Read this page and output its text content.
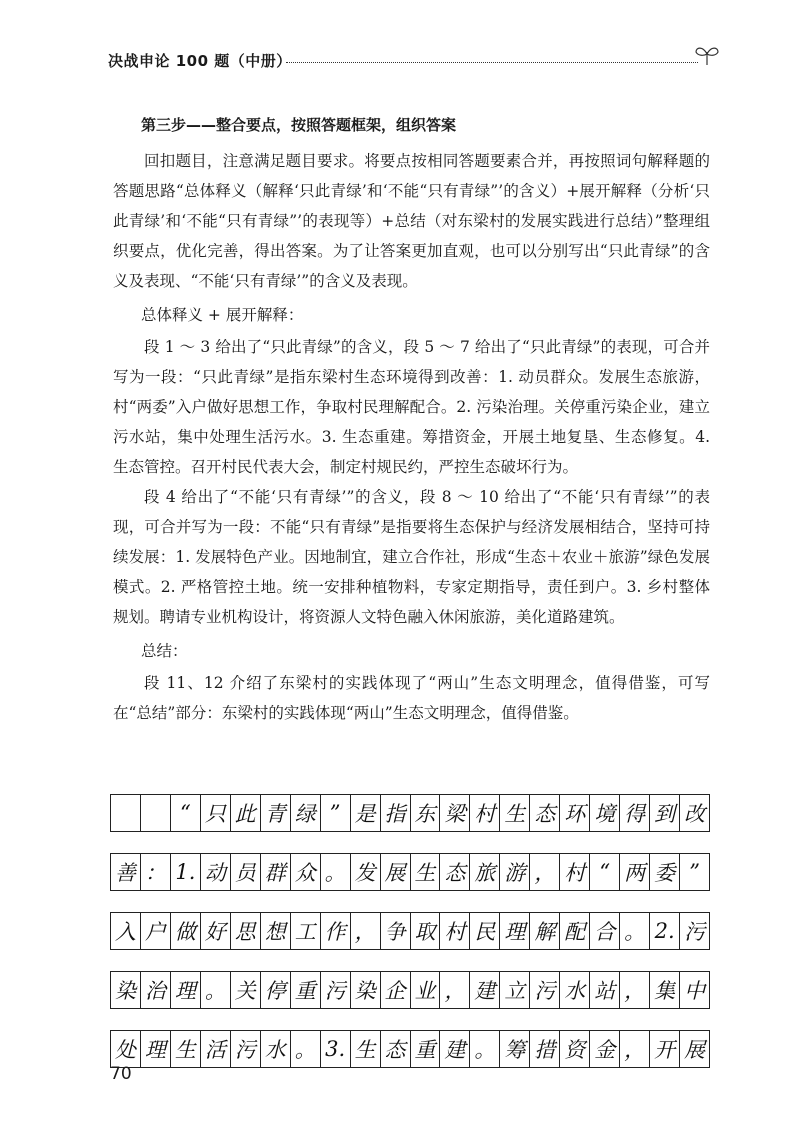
决战申论 100 题（中册）
第三步——整合要点，按照答题框架，组织答案

回扣题目，注意满足题目要求。将要点按相同答题要素合并，再按照词句解释题的答题思路“总体释义（解释‘只此青绿’和‘不能“只有青绿”’的含义）+展开解释（分析‘只此青绿’和‘不能“只有青绿”’的表现等）+总结（对东梁村的发展实践进行总结）”整理组织要点，优化完善，得出答案。为了让答案更加直观，也可以分别写出“只此青绿”的含义及表现、“不能‘只有青绿’”的含义及表现。

总体释义 + 展开解释：

段 1 ～ 3 给出了“只此青绿”的含义，段 5 ～ 7 给出了“只此青绿”的表现，可合并写为一段：“只此青绿”是指东梁村生态环境得到改善：1. 动员群众。发展生态旅游，村“两委”入户做好思想工作，争取村民理解配合。2. 污染治理。关停重污染企业，建立污水站，集中处理生活污水。3. 生态重建。筹措资金，开展土地复垦、生态修复。4. 生态管控。召开村民代表大会，制定村规民约，严控生态破坏行为。

段 4 给出了“不能‘只有青绿’”的含义，段 8 ～ 10 给出了“不能‘只有青绿’”的表现，可合并写为一段：不能“只有青绿”是指要将生态保护与经济发展相结合，坚持可持续发展：1. 发展特色产业。因地制宜，建立合作社，形成“生态＋农业＋旅游”绿色发展模式。2. 严格管控土地。统一安排种植物料，专家定期指导，责任到户。3. 乡村整体规划。聘请专业机构设计，将资源人文特色融入休闲旅游，美化道路建筑。

总结：

段 11、12 介绍了东梁村的实践体现了“两山”生态文明理念，值得借鉴，可写在“总结”部分：东梁村的实践体现“两山”生态文明理念，值得借鉴。

“ 只 此 青 绿 ” 是 指 东 梁 村 生 态 环 境 得 到 改
善 ： 1. 动 员 群 众 。 发 展 生 态 旅 游 ， 村 “ 两 委 ”
入 户 做 好 思 想 工 作 ， 争 取 村 民 理 解 配 合 。 2. 污
染 治 理 。 关 停 重 污 染 企 业 ， 建 立 污 水 站 ， 集 中
处 理 生 活 污 水 。 3. 生 态 重 建 。 筹 措 资 金 ， 开 展
70
